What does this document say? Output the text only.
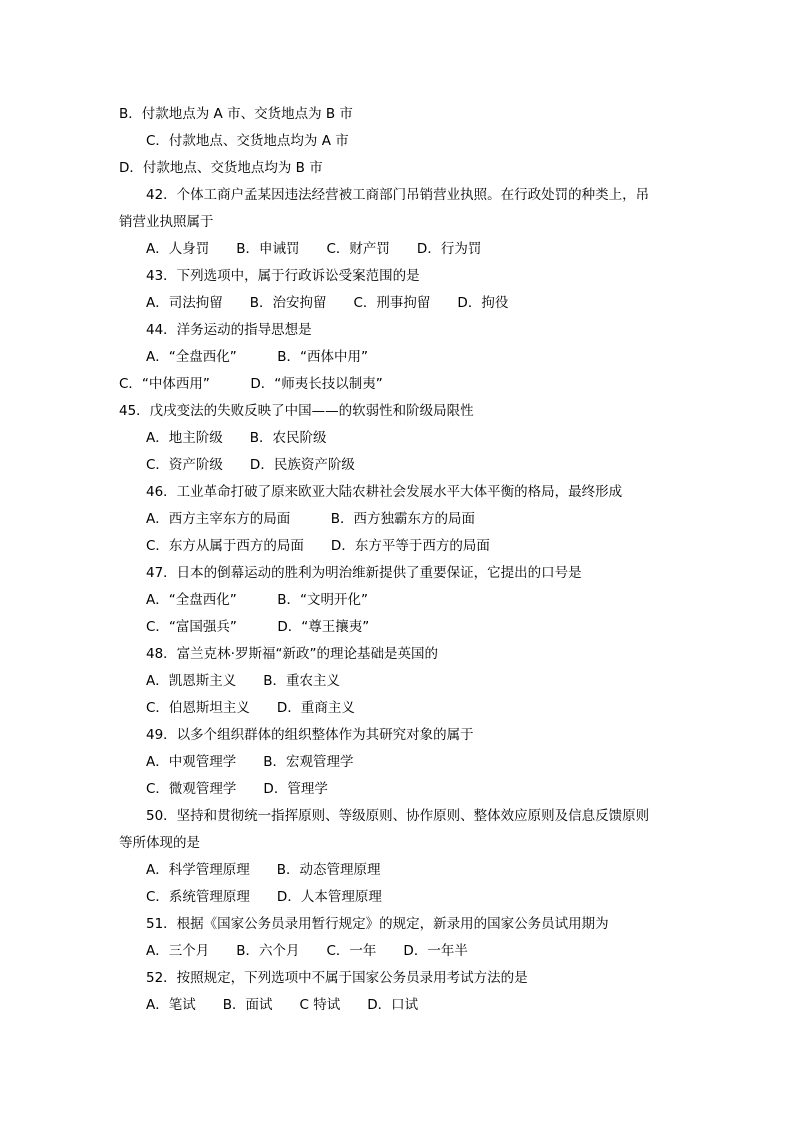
B．付款地点为 A 市、交货地点为 B 市
C．付款地点、交货地点均为 A 市
D．付款地点、交货地点均为 B 市
42．个体工商户孟某因违法经营被工商部门吊销营业执照。在行政处罚的种类上，吊
销营业执照属于
A．人身罚　　B．申诫罚　　C．财产罚　　D．行为罚
43．下列选项中，属于行政诉讼受案范围的是
A．司法拘留　　B．治安拘留　　C．刑事拘留　　D．拘役
44．洋务运动的指导思想是
A．“全盘西化”　　　B．“西体中用”
C．“中体西用”　　　D．“师夷长技以制夷”
45．戊戌变法的失败反映了中国——的软弱性和阶级局限性
A．地主阶级　　B．农民阶级
C．资产阶级　　D．民族资产阶级
46．工业革命打破了原来欧亚大陆农耕社会发展水平大体平衡的格局，最终形成
A．西方主宰东方的局面　　　B．西方独霸东方的局面
C．东方从属于西方的局面　　D．东方平等于西方的局面
47．日本的倒幕运动的胜利为明治维新提供了重要保证，它提出的口号是
A．“全盘西化”　　　B．“文明开化”
C．“富国强兵”　　　D．“尊王攘夷”
48．富兰克林·罗斯福“新政”的理论基础是英国的
A．凯恩斯主义　　B．重农主义
C．伯恩斯坦主义　　D．重商主义
49．以多个组织群体的组织整体作为其研究对象的属于
A．中观管理学　　B．宏观管理学
C．微观管理学　　D．管理学
50．坚持和贯彻统一指挥原则、等级原则、协作原则、整体效应原则及信息反馈原则
等所体现的是
A．科学管理原理　　B．动态管理原理
C．系统管理原理　　D．人本管理原理
51．根据《国家公务员录用暂行规定》的规定，新录用的国家公务员试用期为
A．三个月　　B．六个月　　C．一年　　D．一年半
52．按照规定，下列选项中不属于国家公务员录用考试方法的是
A．笔试　　B．面试　　C 特试　　D．口试
